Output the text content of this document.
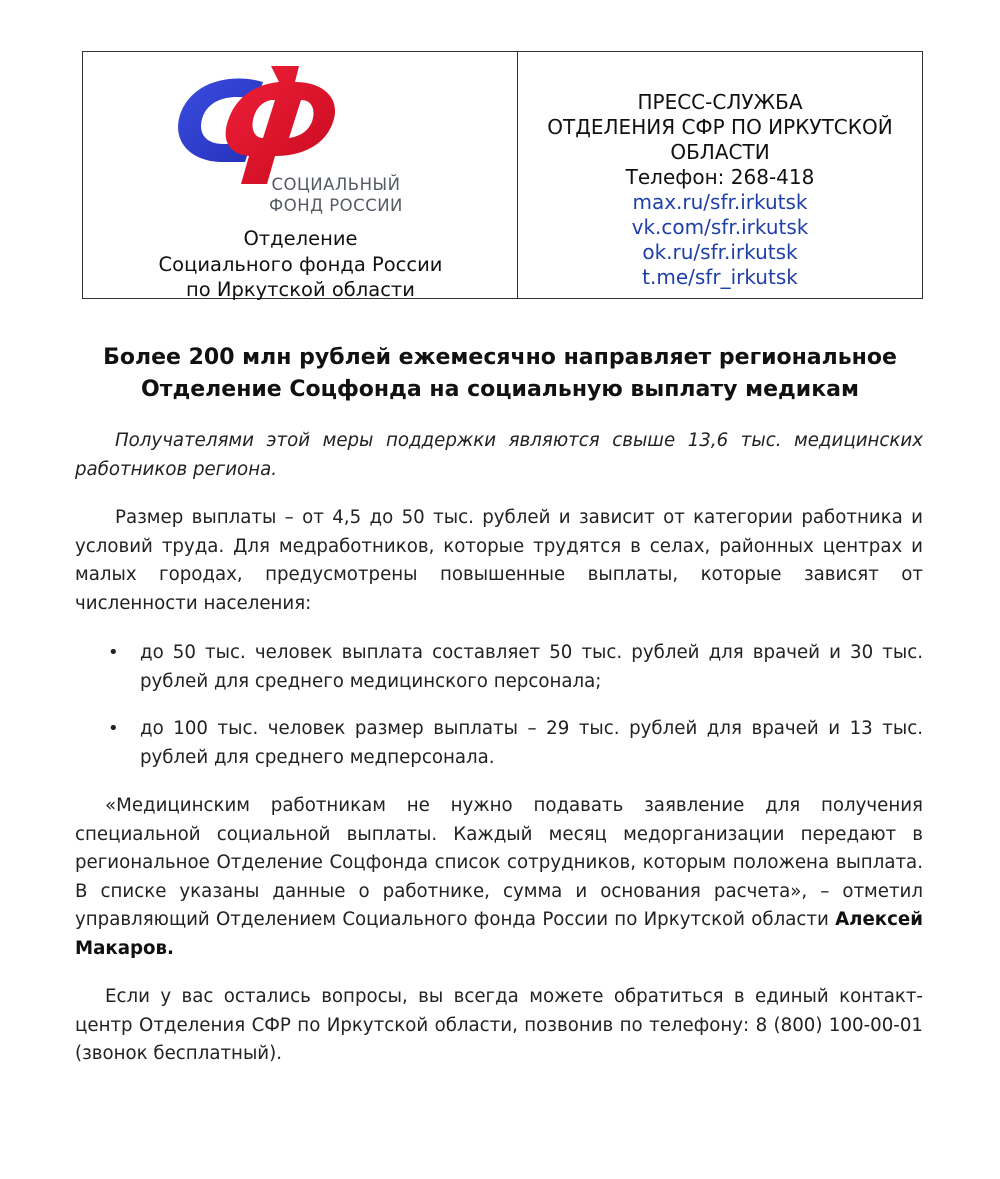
СОЦИАЛЬНЫЙ
ФОНД РОССИИ
Отделение
Социального фонда России
по Иркутской области
ПРЕСС-СЛУЖБА
ОТДЕЛЕНИЯ СФР ПО ИРКУТСКОЙ
ОБЛАСТИ
Телефон: 268-418
max.ru/sfr.irkutsk
vk.com/sfr.irkutsk
ok.ru/sfr.irkutsk
t.me/sfr_irkutsk
Более 200 млн рублей ежемесячно направляет региональное
Отделение Соцфонда на социальную выплату медикам
Получателями этой меры поддержки являются свыше 13,6 тыс. медицинских работников региона.
Размер выплаты – от 4,5 до 50 тыс. рублей и зависит от категории работника и условий труда. Для медработников, которые трудятся в селах, районных центрах и малых городах, предусмотрены повышенные выплаты, которые зависят от численности населения:
• до 50 тыс. человек выплата составляет 50 тыс. рублей для врачей и 30 тыс. рублей для среднего медицинского персонала;
• до 100 тыс. человек размер выплаты – 29 тыс. рублей для врачей и 13 тыс. рублей для среднего медперсонала.
«Медицинским работникам не нужно подавать заявление для получения специальной социальной выплаты. Каждый месяц медорганизации передают в региональное Отделение Соцфонда список сотрудников, которым положена выплата. В списке указаны данные о работнике, сумма и основания расчета», – отметил управляющий Отделением Социального фонда России по Иркутской области Алексей Макаров.
Если у вас остались вопросы, вы всегда можете обратиться в единый контакт-центр Отделения СФР по Иркутской области, позвонив по телефону: 8 (800) 100-00-01 (звонок бесплатный).
